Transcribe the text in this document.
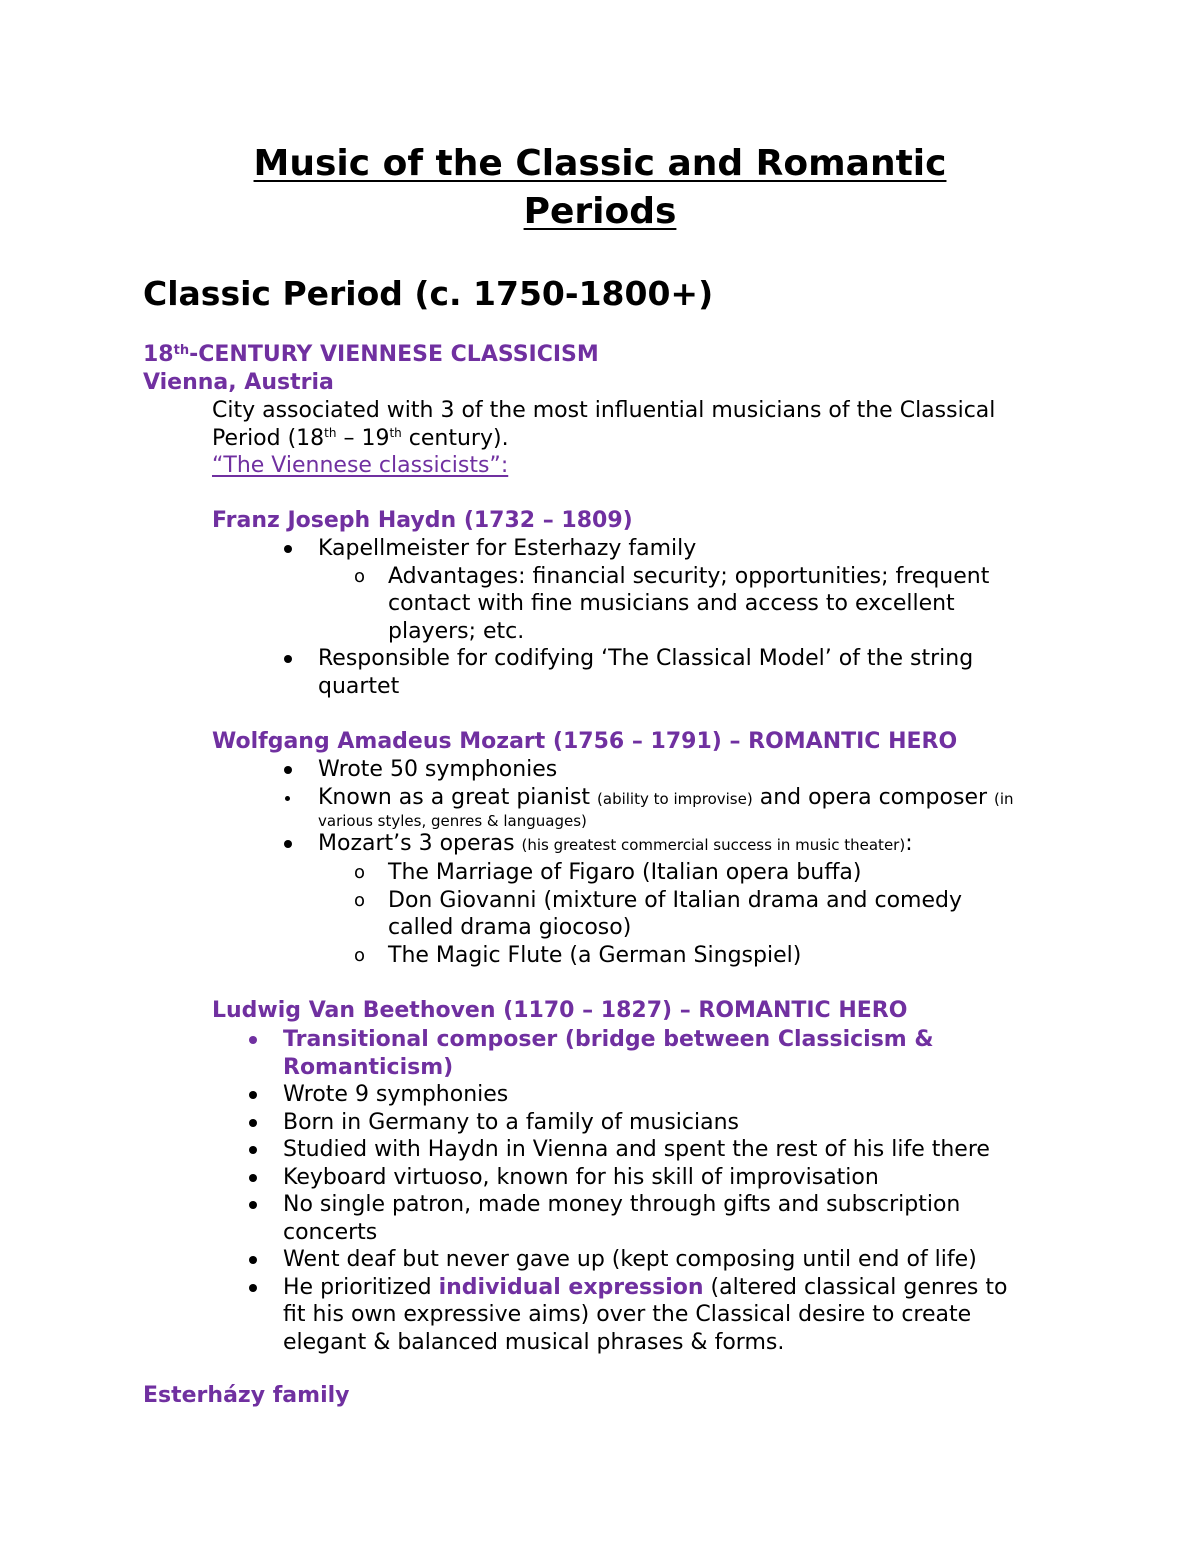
Music of the Classic and Romantic Periods
Classic Period (c. 1750-1800+)
18th-CENTURY VIENNESE CLASSICISM
Vienna, Austria
City associated with 3 of the most influential musicians of the Classical
Period (18th – 19th century).
“The Viennese classicists”:
Franz Joseph Haydn (1732 – 1809)
Kapellmeister for Esterhazy family
o Advantages: financial security; opportunities; frequent
contact with fine musicians and access to excellent
players; etc.
Responsible for codifying ‘The Classical Model’ of the string
quartet
Wolfgang Amadeus Mozart (1756 – 1791) – ROMANTIC HERO
Wrote 50 symphonies
Known as a great pianist (ability to improvise) and opera composer (in
various styles, genres & languages)
Mozart’s 3 operas (his greatest commercial success in music theater):
o The Marriage of Figaro (Italian opera buffa)
o Don Giovanni (mixture of Italian drama and comedy
called drama giocoso)
o The Magic Flute (a German Singspiel)
Ludwig Van Beethoven (1170 – 1827) – ROMANTIC HERO
Transitional composer (bridge between Classicism &
Romanticism)
Wrote 9 symphonies
Born in Germany to a family of musicians
Studied with Haydn in Vienna and spent the rest of his life there
Keyboard virtuoso, known for his skill of improvisation
No single patron, made money through gifts and subscription
concerts
Went deaf but never gave up (kept composing until end of life)
He prioritized individual expression (altered classical genres to
fit his own expressive aims) over the Classical desire to create
elegant & balanced musical phrases & forms.
Esterházy family
